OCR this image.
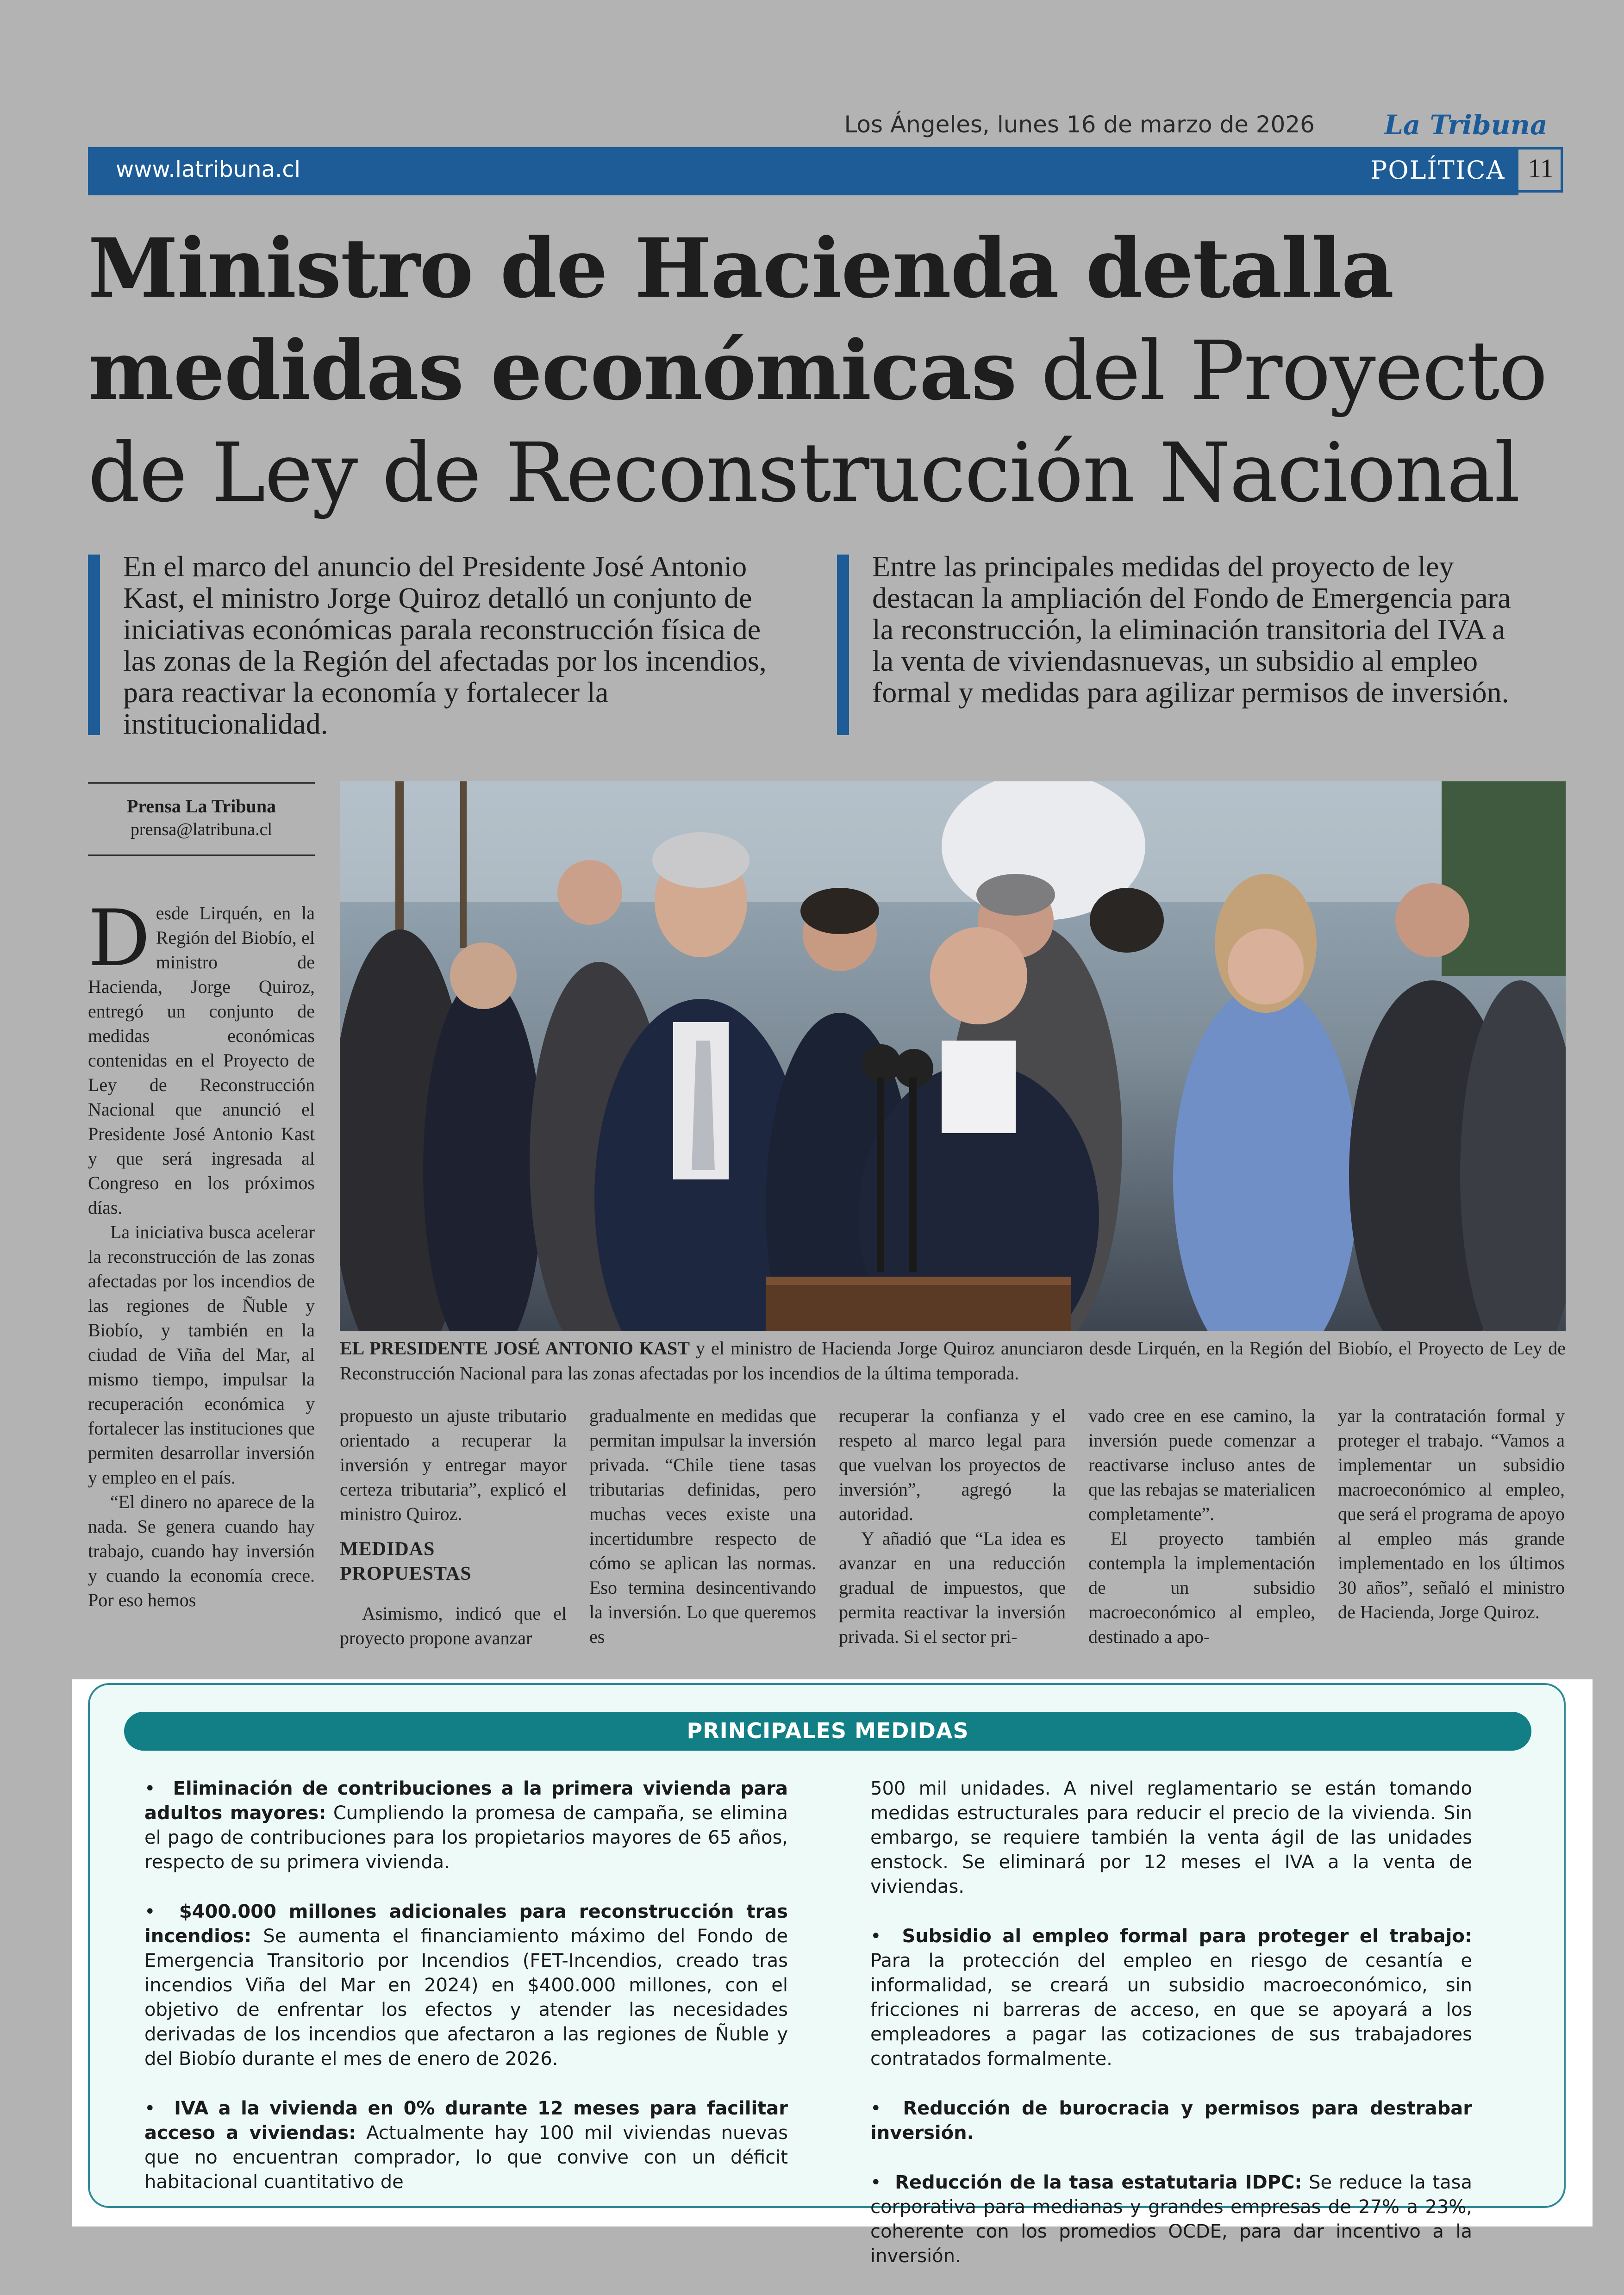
Los Ángeles, lunes 16 de marzo de 2026	La Tribuna
www.latribuna.cl	POLÍTICA 11
Ministro de Hacienda detalla medidas económicas del Proyecto de Ley de Reconstrucción Nacional
En el marco del anuncio del Presidente José Antonio Kast, el ministro Jorge Quiroz detalló un conjunto de iniciativas económicas parala reconstrucción física de las zonas de la Región del afectadas por los incendios, para reactivar la economía y fortalecer la institucionalidad.
Entre las principales medidas del proyecto de ley destacan la ampliación del Fondo de Emergencia para la reconstrucción, la eliminación transitoria del IVA a la venta de viviendasnuevas, un subsidio al empleo formal y medidas para agilizar permisos de inversión.
Prensa La Tribuna
prensa@latribuna.cl
EL PRESIDENTE JOSÉ ANTONIO KAST y el ministro de Hacienda Jorge Quiroz anunciaron desde Lirquén, en la Región del Biobío, el Proyecto de Ley de Reconstrucción Nacional para las zonas afectadas por los incendios de la última temporada.

Desde Lirquén, en la Región del Biobío, el ministro de Hacienda, Jorge Quiroz, entregó un conjunto de medidas económicas contenidas en el Proyecto de Ley de Reconstrucción Nacional que anunció el Presidente José Antonio Kast y que será ingresada al Congreso en los próximos días.

La iniciativa busca acelerar la reconstrucción de las zonas afectadas por los incendios de las regiones de Ñuble y Biobío, y también en la ciudad de Viña del Mar, al mismo tiempo, impulsar la recuperación económica y fortalecer las instituciones que permiten desarrollar inversión y empleo en el país.

“El dinero no aparece de la nada. Se genera cuando hay trabajo, cuando hay inversión y cuando la economía crece. Por eso hemos

propuesto un ajuste tributario orientado a recuperar la inversión y entregar mayor certeza tributaria”, explicó el ministro Quiroz.

MEDIDAS PROPUESTAS

Asimismo, indicó que el proyecto propone avanzar

gradualmente en medidas que permitan impulsar la inversión privada. “Chile tiene tasas tributarias definidas, pero muchas veces existe una incertidumbre respecto de cómo se aplican las normas. Eso termina desincentivando la inversión. Lo que queremos es

recuperar la confianza y el respeto al marco legal para que vuelvan los proyectos de inversión”, agregó la autoridad.

Y añadió que “La idea es avanzar en una reducción gradual de impuestos, que permita reactivar la inversión privada. Si el sector pri-

vado cree en ese camino, la inversión puede comenzar a reactivarse incluso antes de que las rebajas se materialicen completamente”.

El proyecto también contempla la implementación de un subsidio macroeconómico al empleo, destinado a apo-

yar la contratación formal y proteger el trabajo. “Vamos a implementar un subsidio macroeconómico al empleo, que será el programa de apoyo al empleo más grande implementado en los últimos 30 años”, señaló el ministro de Hacienda, Jorge Quiroz.

PRINCIPALES MEDIDAS
•  Eliminación de contribuciones a la primera vivienda para adultos mayores: Cumpliendo la promesa de campaña, se elimina el pago de contribuciones para los propietarios mayores de 65 años, respecto de su primera vivienda.
•  $400.000 millones adicionales para reconstrucción tras incendios: Se aumenta el financiamiento máximo del Fondo de Emergencia Transitorio por Incendios (FET-Incendios, creado tras incendios Viña del Mar en 2024) en $400.000 millones, con el objetivo de enfrentar los efectos y atender las necesidades derivadas de los incendios que afectaron a las regiones de Ñuble y del Biobío durante el mes de enero de 2026.
•  IVA a la vivienda en 0% durante 12 meses para facilitar acceso a viviendas: Actualmente hay 100 mil viviendas nuevas que no encuentran comprador, lo que convive con un déficit habitacional cuantitativo de
500 mil unidades. A nivel reglamentario se están tomando medidas estructurales para reducir el precio de la vivienda. Sin embargo, se requiere también la venta ágil de las unidades enstock. Se eliminará por 12 meses el IVA a la venta de viviendas.
•  Subsidio al empleo formal para proteger el trabajo: Para la protección del empleo en riesgo de cesantía e informalidad, se creará un subsidio macroeconómico, sin fricciones ni barreras de acceso, en que se apoyará a los empleadores a pagar las cotizaciones de sus trabajadores contratados formalmente.
•  Reducción de burocracia y permisos para destrabar inversión.
•  Reducción de la tasa estatutaria IDPC: Se reduce la tasa corporativa para medianas y grandes empresas de 27% a 23%, coherente con los promedios OCDE, para dar incentivo a la inversión.
